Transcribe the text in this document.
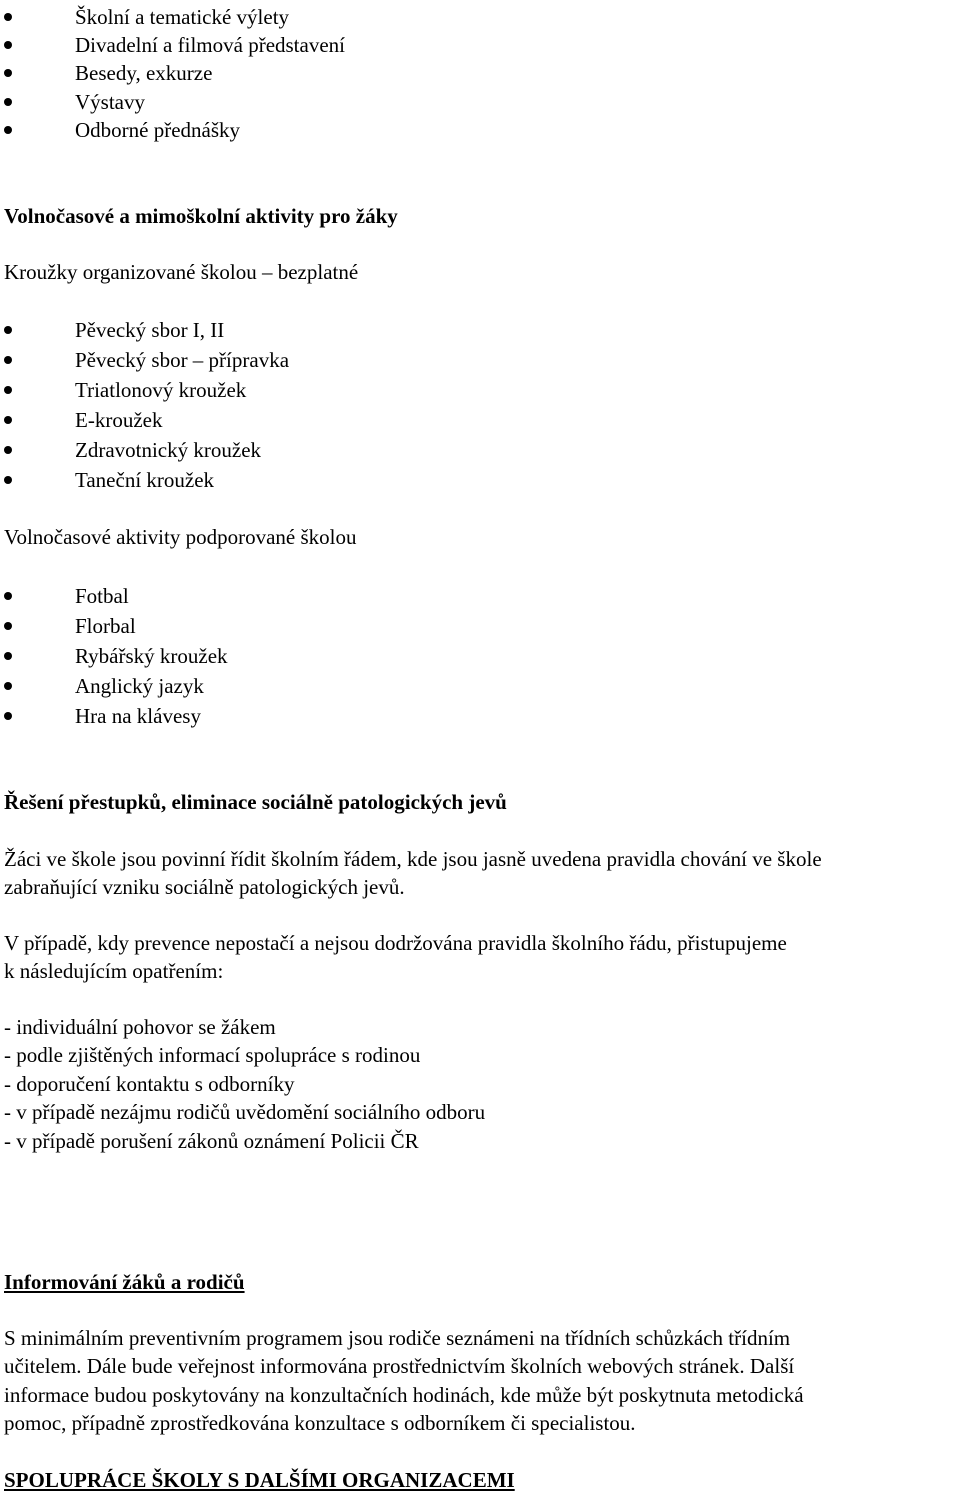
Školní a tematické výlety
Divadelní a filmová představení
Besedy, exkurze
Výstavy
Odborné přednášky
Volnočasové a mimoškolní aktivity pro žáky
Kroužky organizované školou – bezplatné
Pěvecký sbor I, II
Pěvecký sbor – přípravka
Triatlonový kroužek
E-kroužek
Zdravotnický kroužek
Taneční kroužek
Volnočasové aktivity podporované školou
Fotbal
Florbal
Rybářský kroužek
Anglický jazyk
Hra na klávesy
Řešení přestupků, eliminace sociálně patologických jevů
Žáci ve škole jsou povinní řídit školním řádem, kde jsou jasně uvedena pravidla chování ve škole
zabraňující vzniku sociálně patologických jevů.
V případě, kdy prevence nepostačí a nejsou dodržována pravidla školního řádu, přistupujeme
k následujícím opatřením:
- individuální pohovor se žákem
- podle zjištěných informací spolupráce s rodinou
- doporučení kontaktu s odborníky
- v případě nezájmu rodičů uvědomění sociálního odboru
- v případě porušení zákonů oznámení Policii ČR
Informování žáků a rodičů
S minimálním preventivním programem jsou rodiče seznámeni na třídních schůzkách třídním
učitelem. Dále bude veřejnost informována prostřednictvím školních webových stránek. Další
informace budou poskytovány na konzultačních hodinách, kde může být poskytnuta metodická
pomoc, případně zprostředkována konzultace s odborníkem či specialistou.
SPOLUPRÁCE ŠKOLY S DALŠÍMI ORGANIZACEMI
